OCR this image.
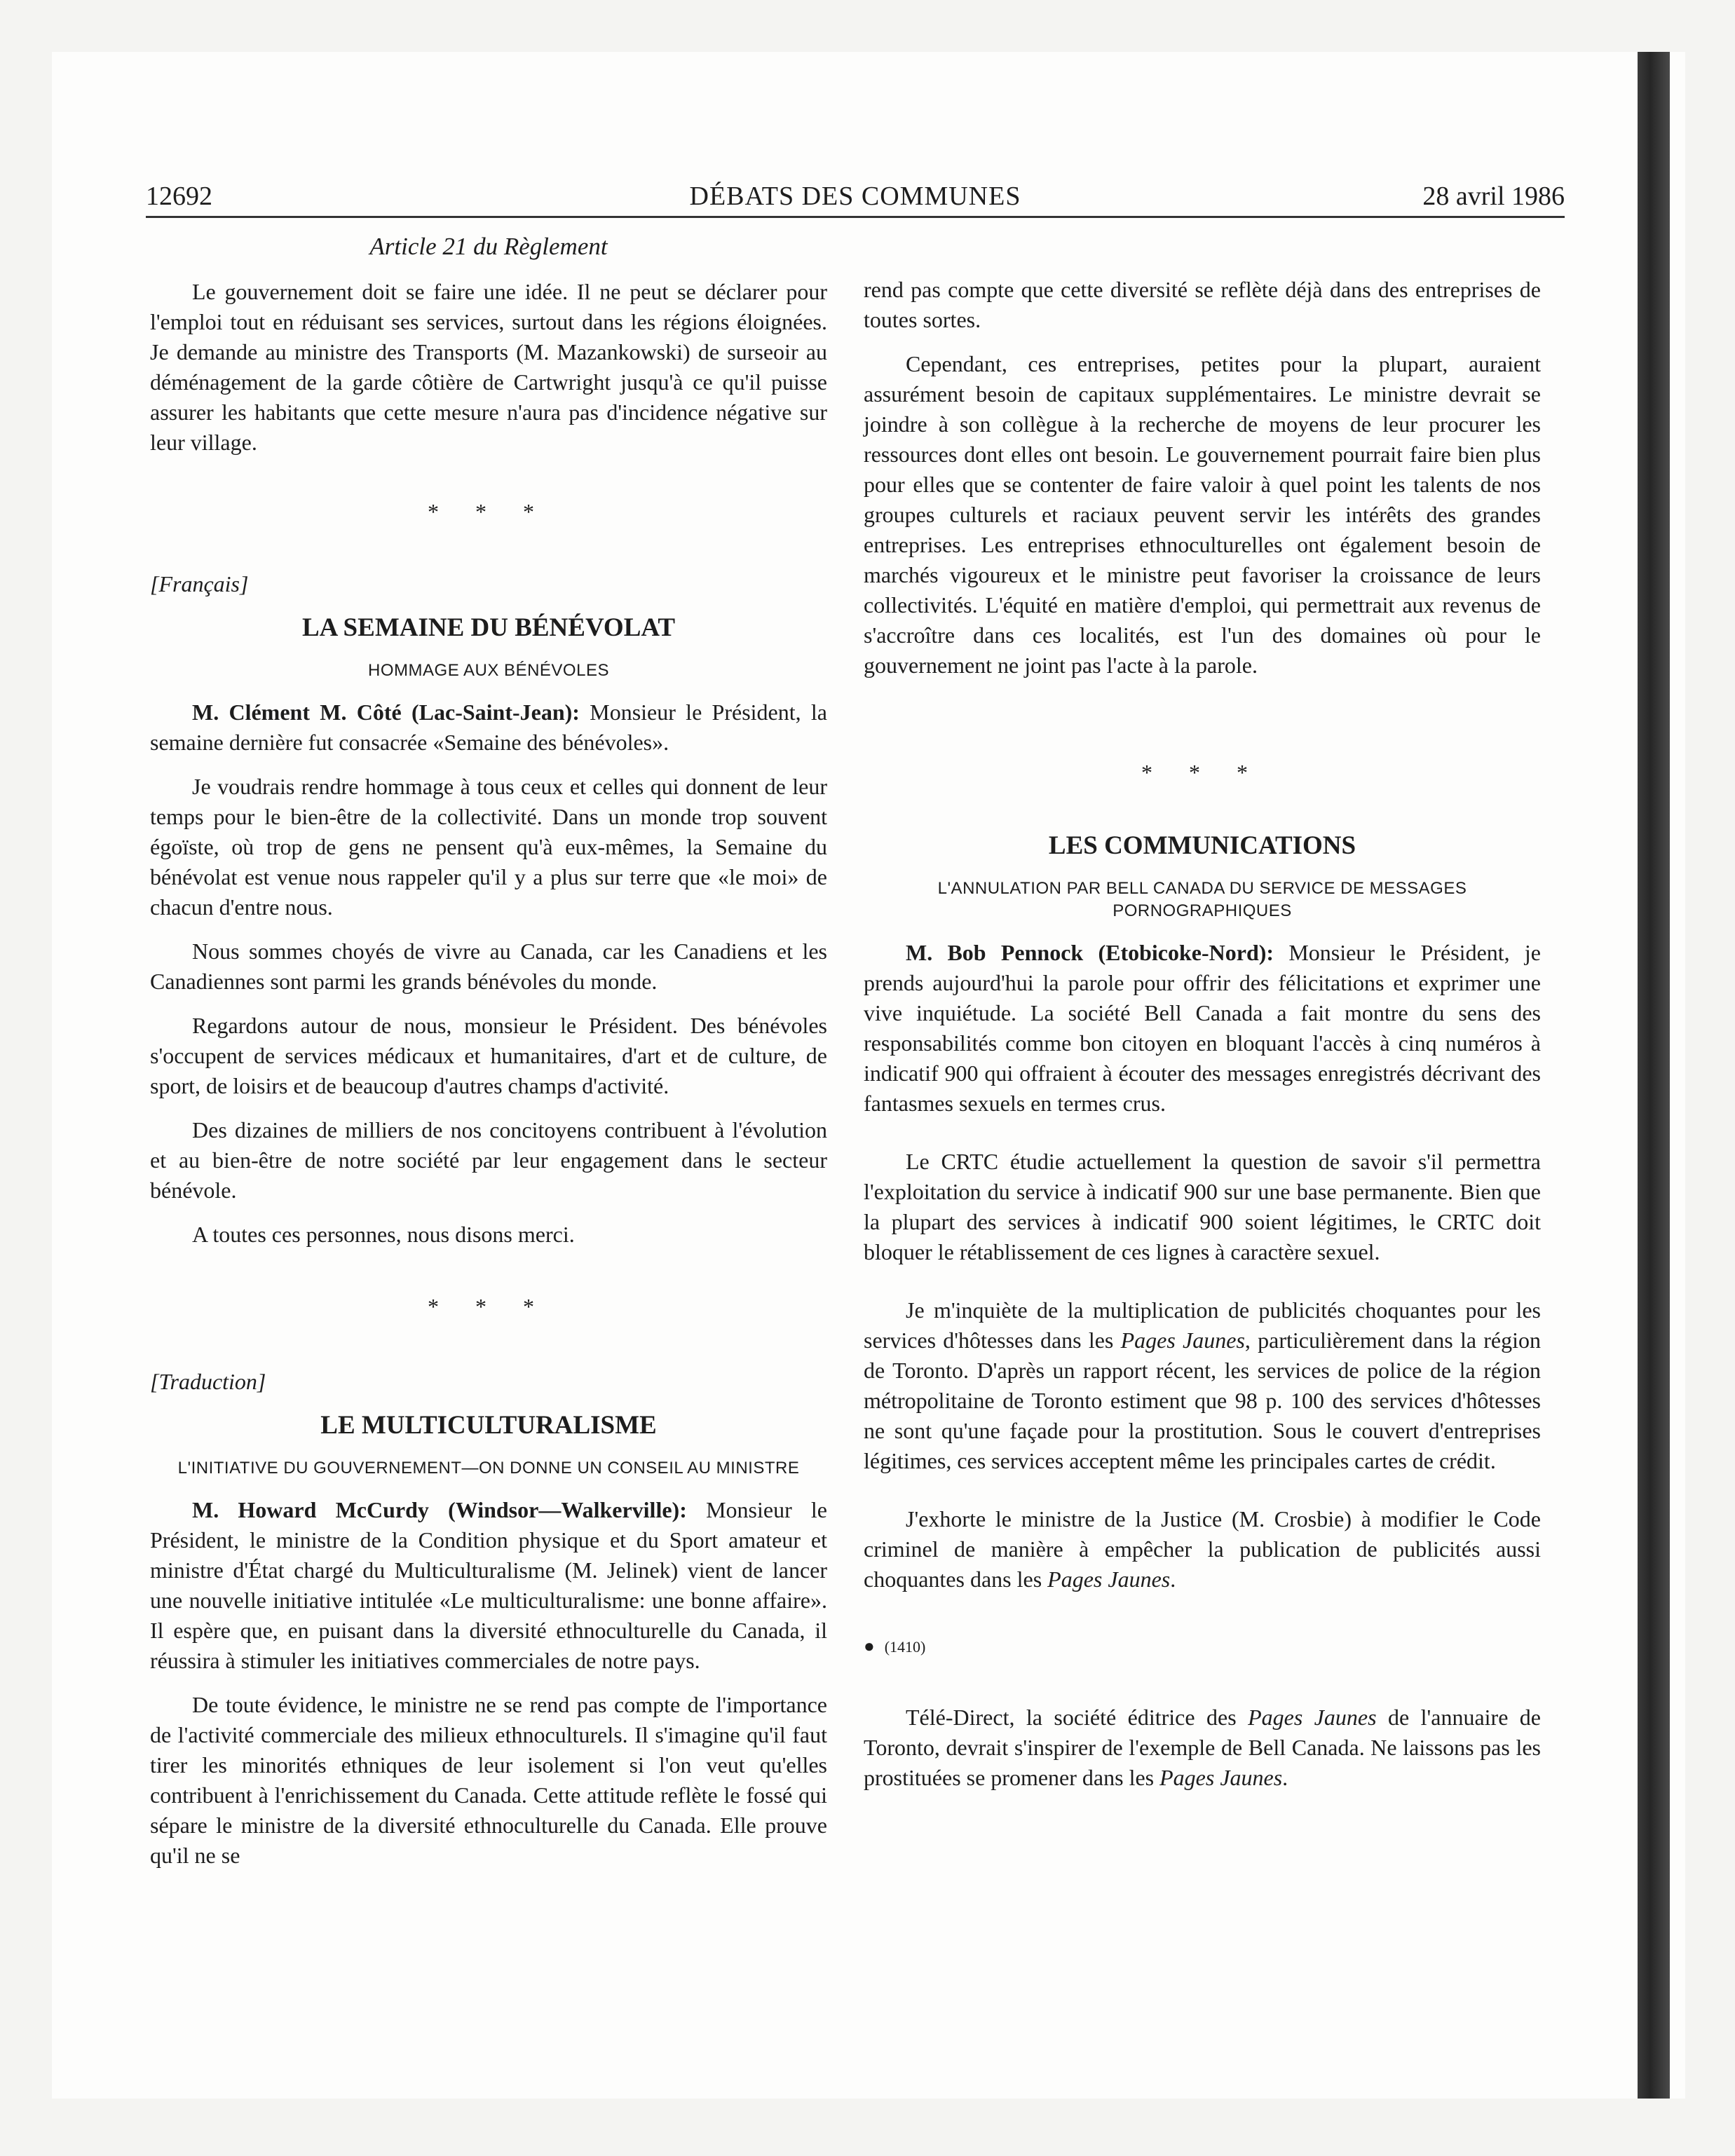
12692	DÉBATS DES COMMUNES	28 avril 1986

Article 21 du Règlement

Le gouvernement doit se faire une idée. Il ne peut se déclarer pour l'emploi tout en réduisant ses services, surtout dans les régions éloignées. Je demande au ministre des Transports (M. Mazankowski) de surseoir au déménagement de la garde côtière de Cartwright jusqu'à ce qu'il puisse assurer les habitants que cette mesure n'aura pas d'incidence négative sur leur village.

* * *

[Français]

LA SEMAINE DU BÉNÉVOLAT

HOMMAGE AUX BÉNÉVOLES

M. Clément M. Côté (Lac-Saint-Jean): Monsieur le Président, la semaine dernière fut consacrée «Semaine des bénévoles».

Je voudrais rendre hommage à tous ceux et celles qui donnent de leur temps pour le bien-être de la collectivité. Dans un monde trop souvent égoïste, où trop de gens ne pensent qu'à eux-mêmes, la Semaine du bénévolat est venue nous rappeler qu'il y a plus sur terre que «le moi» de chacun d'entre nous.

Nous sommes choyés de vivre au Canada, car les Canadiens et les Canadiennes sont parmi les grands bénévoles du monde.

Regardons autour de nous, monsieur le Président. Des bénévoles s'occupent de services médicaux et humanitaires, d'art et de culture, de sport, de loisirs et de beaucoup d'autres champs d'activité.

Des dizaines de milliers de nos concitoyens contribuent à l'évolution et au bien-être de notre société par leur engagement dans le secteur bénévole.

A toutes ces personnes, nous disons merci.

* * *

[Traduction]

LE MULTICULTURALISME

L'INITIATIVE DU GOUVERNEMENT—ON DONNE UN CONSEIL AU MINISTRE

M. Howard McCurdy (Windsor—Walkerville): Monsieur le Président, le ministre de la Condition physique et du Sport amateur et ministre d'État chargé du Multiculturalisme (M. Jelinek) vient de lancer une nouvelle initiative intitulée «Le multiculturalisme: une bonne affaire». Il espère que, en puisant dans la diversité ethnoculturelle du Canada, il réussira à stimuler les initiatives commerciales de notre pays.

De toute évidence, le ministre ne se rend pas compte de l'importance de l'activité commerciale des milieux ethnoculturels. Il s'imagine qu'il faut tirer les minorités ethniques de leur isolement si l'on veut qu'elles contribuent à l'enrichissement du Canada. Cette attitude reflète le fossé qui sépare le ministre de la diversité ethnoculturelle du Canada. Elle prouve qu'il ne se

rend pas compte que cette diversité se reflète déjà dans des entreprises de toutes sortes.

Cependant, ces entreprises, petites pour la plupart, auraient assurément besoin de capitaux supplémentaires. Le ministre devrait se joindre à son collègue à la recherche de moyens de leur procurer les ressources dont elles ont besoin. Le gouvernement pourrait faire bien plus pour elles que se contenter de faire valoir à quel point les talents de nos groupes culturels et raciaux peuvent servir les intérêts des grandes entreprises. Les entreprises ethnoculturelles ont également besoin de marchés vigoureux et le ministre peut favoriser la croissance de leurs collectivités. L'équité en matière d'emploi, qui permettrait aux revenus de s'accroître dans ces localités, est l'un des domaines où pour le gouvernement ne joint pas l'acte à la parole.

* * *

LES COMMUNICATIONS

L'ANNULATION PAR BELL CANADA DU SERVICE DE MESSAGES PORNOGRAPHIQUES

M. Bob Pennock (Etobicoke-Nord): Monsieur le Président, je prends aujourd'hui la parole pour offrir des félicitations et exprimer une vive inquiétude. La société Bell Canada a fait montre du sens des responsabilités comme bon citoyen en bloquant l'accès à cinq numéros à indicatif 900 qui offraient à écouter des messages enregistrés décrivant des fantasmes sexuels en termes crus.

Le CRTC étudie actuellement la question de savoir s'il permettra l'exploitation du service à indicatif 900 sur une base permanente. Bien que la plupart des services à indicatif 900 soient légitimes, le CRTC doit bloquer le rétablissement de ces lignes à caractère sexuel.

Je m'inquiète de la multiplication de publicités choquantes pour les services d'hôtesses dans les Pages Jaunes, particulièrement dans la région de Toronto. D'après un rapport récent, les services de police de la région métropolitaine de Toronto estiment que 98 p. 100 des services d'hôtesses ne sont qu'une façade pour la prostitution. Sous le couvert d'entreprises légitimes, ces services acceptent même les principales cartes de crédit.

J'exhorte le ministre de la Justice (M. Crosbie) à modifier le Code criminel de manière à empêcher la publication de publicités aussi choquantes dans les Pages Jaunes.

● (1410)

Télé-Direct, la société éditrice des Pages Jaunes de l'annuaire de Toronto, devrait s'inspirer de l'exemple de Bell Canada. Ne laissons pas les prostituées se promener dans les Pages Jaunes.
